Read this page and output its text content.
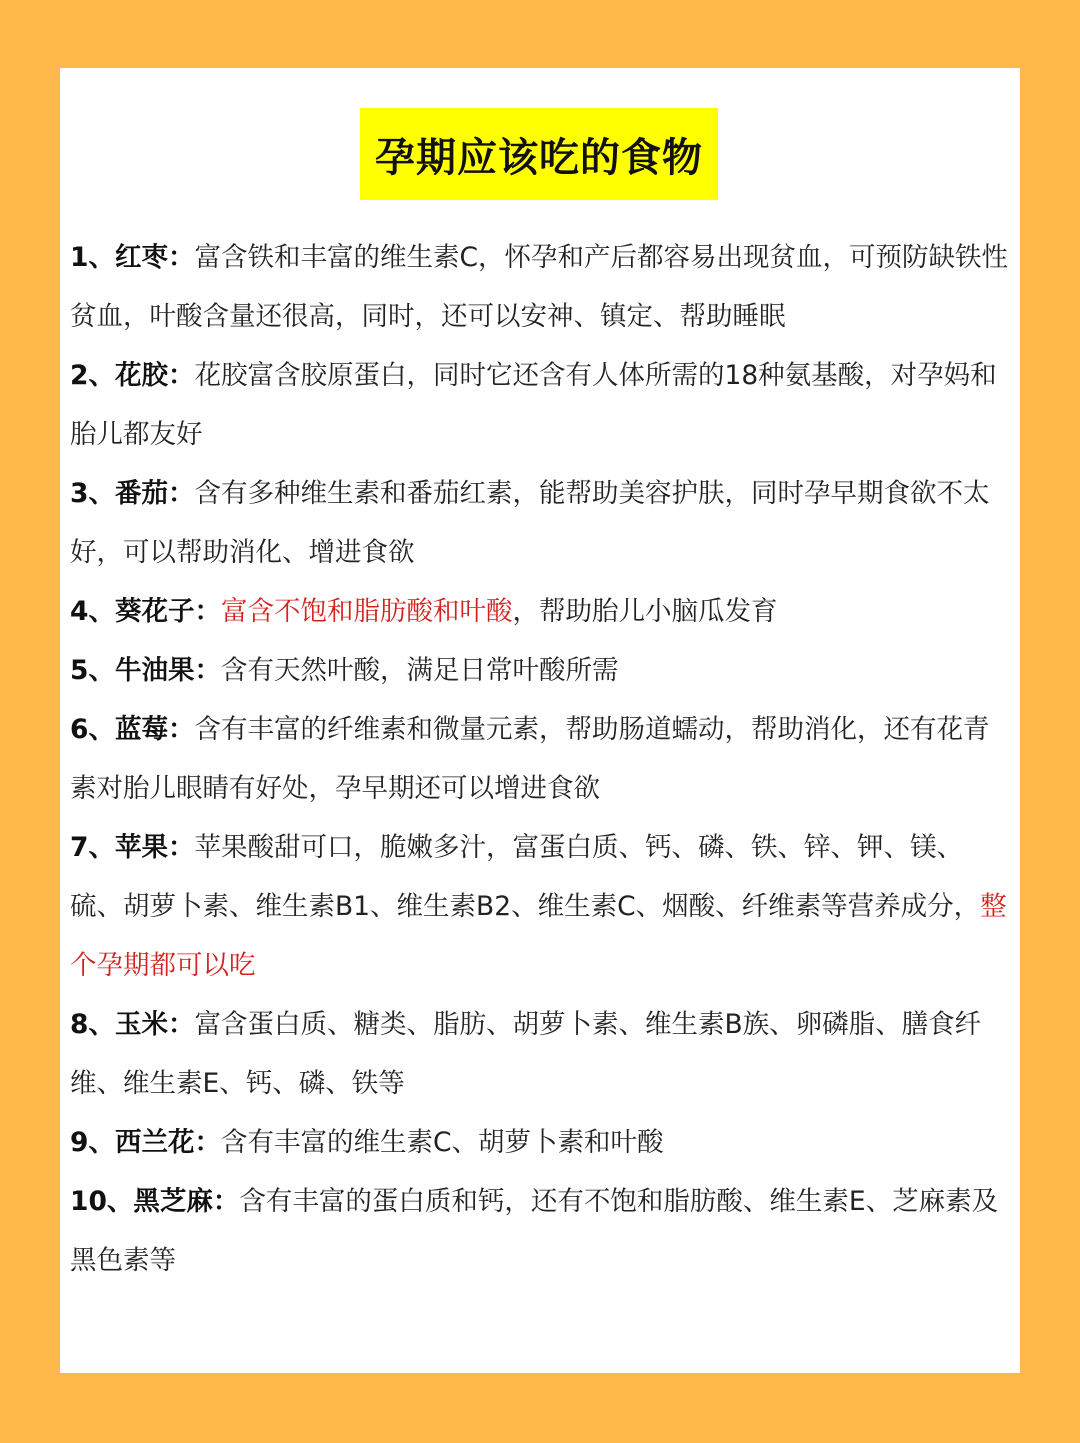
孕期应该吃的食物

1、红枣：富含铁和丰富的维生素C，怀孕和产后都容易出现贫血，可预防缺铁性贫血，叶酸含量还很高，同时，还可以安神、镇定、帮助睡眠

2、花胶：花胶富含胶原蛋白，同时它还含有人体所需的18种氨基酸，对孕妈和胎儿都友好

3、番茄：含有多种维生素和番茄红素，能帮助美容护肤，同时孕早期食欲不太好，可以帮助消化、增进食欲

4、葵花子：富含不饱和脂肪酸和叶酸，帮助胎儿小脑瓜发育

5、牛油果：含有天然叶酸，满足日常叶酸所需

6、蓝莓：含有丰富的纤维素和微量元素，帮助肠道蠕动，帮助消化，还有花青素对胎儿眼睛有好处，孕早期还可以增进食欲

7、苹果：苹果酸甜可口，脆嫩多汁，富蛋白质、钙、磷、铁、锌、钾、镁、硫、胡萝卜素、维生素B1、维生素B2、维生素C、烟酸、纤维素等营养成分，整个孕期都可以吃

8、玉米：富含蛋白质、糖类、脂肪、胡萝卜素、维生素B族、卵磷脂、膳食纤维、维生素E、钙、磷、铁等

9、西兰花：含有丰富的维生素C、胡萝卜素和叶酸

10、黑芝麻：含有丰富的蛋白质和钙，还有不饱和脂肪酸、维生素E、芝麻素及黑色素等
